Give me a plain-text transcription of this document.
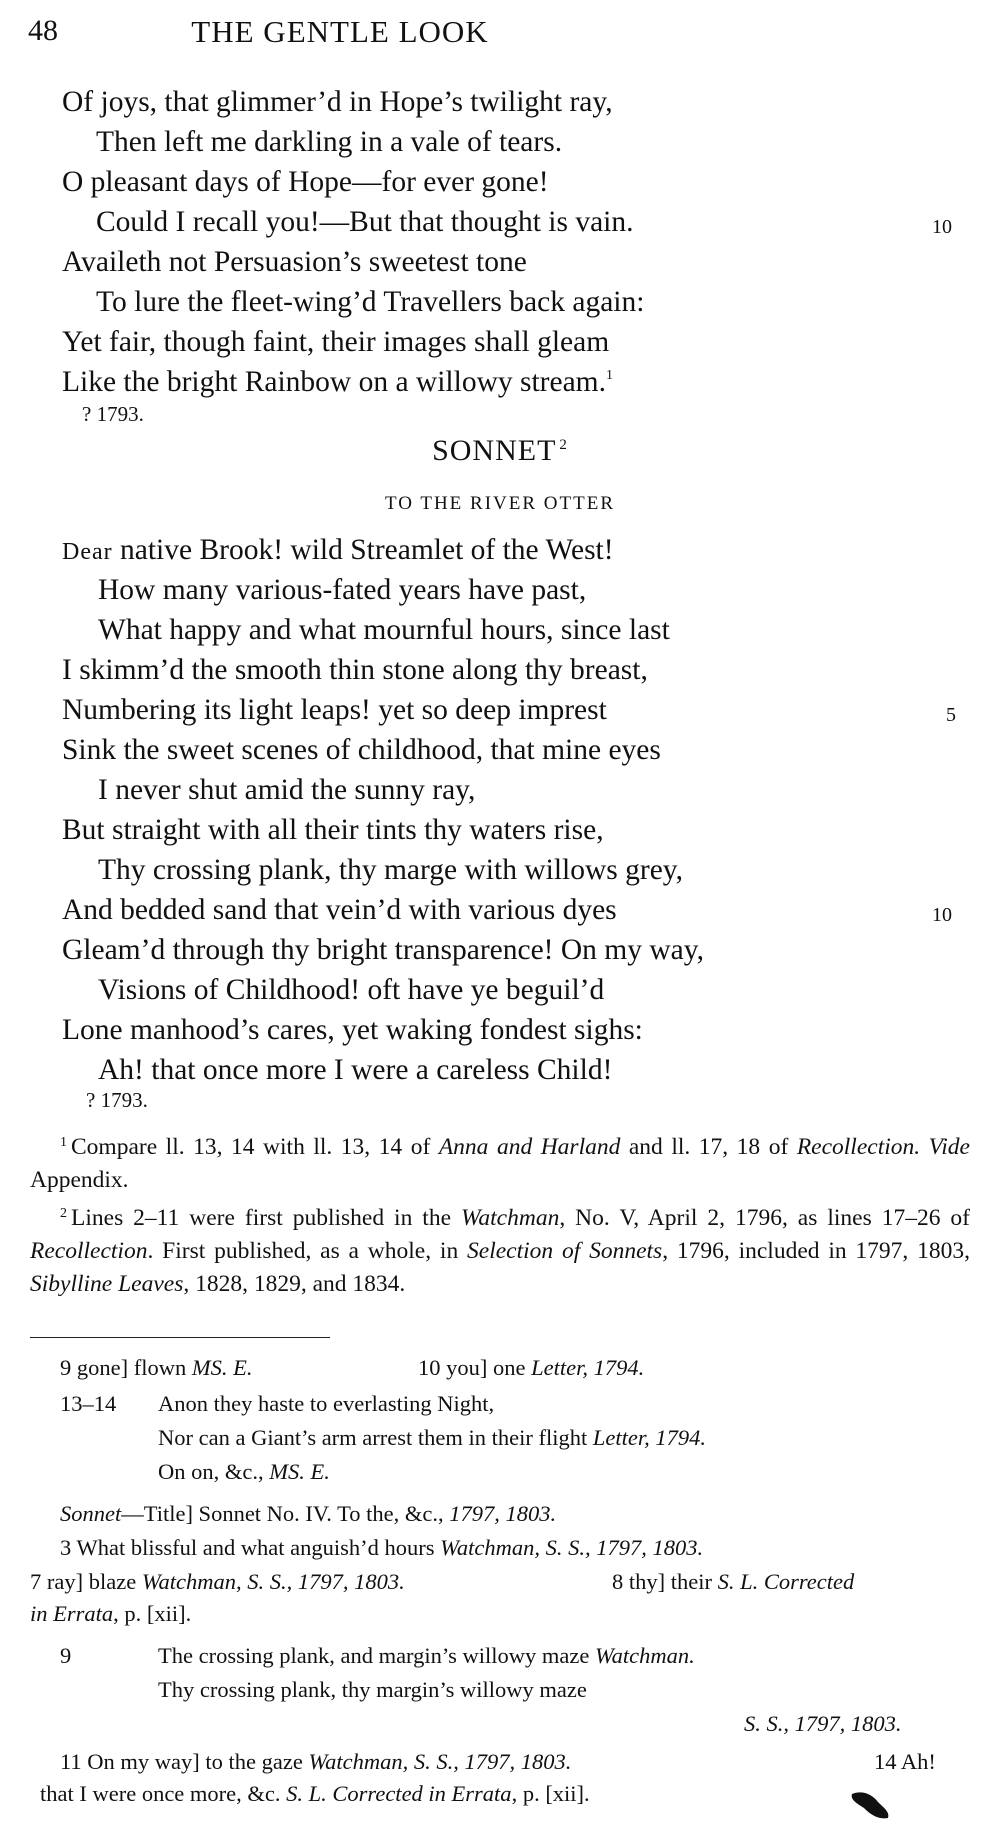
48	THE GENTLE LOOK
Of joys, that glimmer’d in Hope’s twilight ray,
Then left me darkling in a vale of tears.
O pleasant days of Hope—for ever gone!
Could I recall you!—But that thought is vain.	10
Availeth not Persuasion’s sweetest tone
To lure the fleet-wing’d Travellers back again:
Yet fair, though faint, their images shall gleam
Like the bright Rainbow on a willowy stream.$^1$
? 1793.
SONNET $^2$
TO THE RIVER OTTER
Dear native Brook! wild Streamlet of the West!
How many various-fated years have past,
What happy and what mournful hours, since last
I skimm’d the smooth thin stone along thy breast,
Numbering its light leaps! yet so deep imprest	5
Sink the sweet scenes of childhood, that mine eyes
I never shut amid the sunny ray,
But straight with all their tints thy waters rise,
Thy crossing plank, thy marge with willows grey,
And bedded sand that vein’d with various dyes	10
Gleam’d through thy bright transparence! On my way,
Visions of Childhood! oft have ye beguil’d
Lone manhood’s cares, yet waking fondest sighs:
Ah! that once more I were a careless Child!
? 1793.

$^1$ Compare ll. 13, 14 with ll. 13, 14 of Anna and Harland and ll. 17, 18 of Recollection. Vide Appendix.

$^2$ Lines 2–11 were first published in the Watchman, No. V, April 2, 1796, as lines 17–26 of Recollection. First published, as a whole, in Selection of Sonnets, 1796, included in 1797, 1803, Sibylline Leaves, 1828, 1829, and 1834.

9 gone] flown MS. E.	10 you] one Letter, 1794.
13–14 Anon they haste to everlasting Night,
Nor can a Giant’s arm arrest them in their flight Letter, 1794.
On on, &c., MS. E.
Sonnet—Title] Sonnet No. IV. To the, &c., 1797, 1803.
3 What blissful and what anguish’d hours Watchman, S. S., 1797, 1803.
7 ray] blaze Watchman, S. S., 1797, 1803.	8 thy] their S. L. Corrected
in Errata, p. [xii].
9	The crossing plank, and margin’s willowy maze Watchman.
Thy crossing plank, thy margin’s willowy maze
S. S., 1797, 1803.
11 On my way] to the gaze Watchman, S. S., 1797, 1803.	14 Ah!
that I were once more, &c. S. L. Corrected in Errata, p. [xii].
